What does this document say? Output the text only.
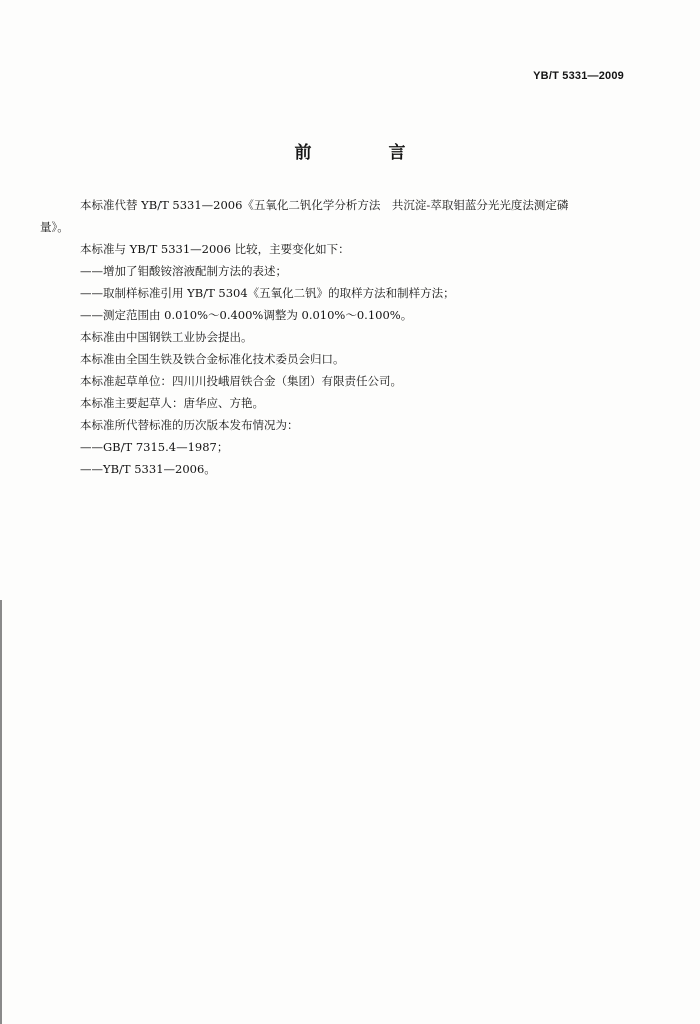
YB/T 5331—2009
前　言

本标准代替 YB/T 5331—2006《五氧化二钒化学分析方法　共沉淀-萃取钼蓝分光光度法测定磷
量》。

本标准与 YB/T 5331—2006 比较，主要变化如下：

——增加了钼酸铵溶液配制方法的表述；

——取制样标准引用 YB/T 5304《五氧化二钒》的取样方法和制样方法；

——测定范围由 0.010%～0.400%调整为 0.010%～0.100%。

本标准由中国钢铁工业协会提出。

本标准由全国生铁及铁合金标准化技术委员会归口。

本标准起草单位：四川川投峨眉铁合金（集团）有限责任公司。

本标准主要起草人：唐华应、方艳。

本标准所代替标准的历次版本发布情况为：

——GB/T 7315.4—1987；

——YB/T 5331—2006。
